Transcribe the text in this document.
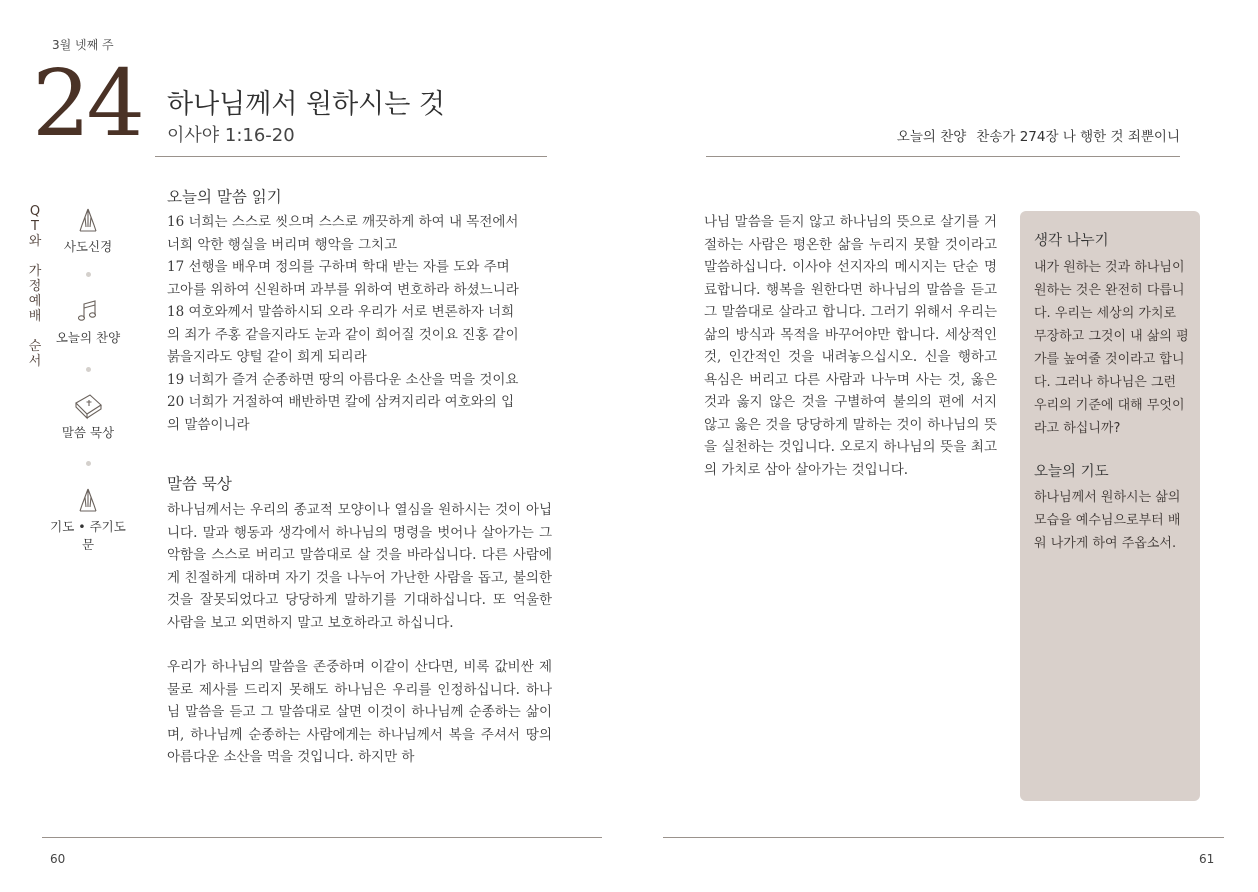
3월 넷째 주
24 하나님께서 원하시는 것
이사야 1:16-20	오늘의 찬양 찬송가 274장 나 행한 것 죄뿐이니
Q
T
와
가
정
예
배
순
서
사도신경
오늘의 찬양
말씀 묵상
기도 • 주기도문
오늘의 말씀 읽기
16 너희는 스스로 씻으며 스스로 깨끗하게 하여 내 목전에서
너희 악한 행실을 버리며 행악을 그치고
17 선행을 배우며 정의를 구하며 학대 받는 자를 도와 주며
고아를 위하여 신원하며 과부를 위하여 변호하라 하셨느니라
18 여호와께서 말씀하시되 오라 우리가 서로 변론하자 너희
의 죄가 주홍 같을지라도 눈과 같이 희어질 것이요 진홍 같이
붉을지라도 양털 같이 희게 되리라
19 너희가 즐겨 순종하면 땅의 아름다운 소산을 먹을 것이요
20 너희가 거절하여 배반하면 칼에 삼켜지리라 여호와의 입
의 말씀이니라
말씀 묵상

하나님께서는 우리의 종교적 모양이나 열심을 원하시는 것이 아닙니다. 말과 행동과 생각에서 하나님의 명령을 벗어나 살아가는 그 악함을 스스로 버리고 말씀대로 살 것을 바라십니다. 다른 사람에게 친절하게 대하며 자기 것을 나누어 가난한 사람을 돕고, 불의한 것을 잘못되었다고 당당하게 말하기를 기대하십니다. 또 억울한 사람을 보고 외면하지 말고 보호하라고 하십니다.

우리가 하나님의 말씀을 존중하며 이같이 산다면, 비록 값비싼 제물로 제사를 드리지 못해도 하나님은 우리를 인정하십니다. 하나님 말씀을 듣고 그 말씀대로 살면 이것이 하나님께 순종하는 삶이며, 하나님께 순종하는 사람에게는 하나님께서 복을 주셔서 땅의 아름다운 소산을 먹을 것입니다. 하지만 하

나님 말씀을 듣지 않고 하나님의 뜻으로 살기를 거절하는 사람은 평온한 삶을 누리지 못할 것이라고 말씀하십니다. 이사야 선지자의 메시지는 단순 명료합니다. 행복을 원한다면 하나님의 말씀을 듣고 그 말씀대로 살라고 합니다. 그러기 위해서 우리는 삶의 방식과 목적을 바꾸어야만 합니다. 세상적인 것, 인간적인 것을 내려놓으십시오. 신을 행하고 욕심은 버리고 다른 사람과 나누며 사는 것, 옳은 것과 옳지 않은 것을 구별하여 불의의 편에 서지 않고 옳은 것을 당당하게 말하는 것이 하나님의 뜻을 실천하는 것입니다. 오로지 하나님의 뜻을 최고의 가치로 삼아 살아가는 것입니다.
생각 나누기
내가 원하는 것과 하나님이 원하는 것은 완전히 다릅니다. 우리는 세상의 가치로 무장하고 그것이 내 삶의 평가를 높여줄 것이라고 합니다. 그러나 하나님은 그런 우리의 기준에 대해 무엇이라고 하십니까?
오늘의 기도
하나님께서 원하시는 삶의 모습을 예수님으로부터 배워 나가게 하여 주옵소서.
60	61
